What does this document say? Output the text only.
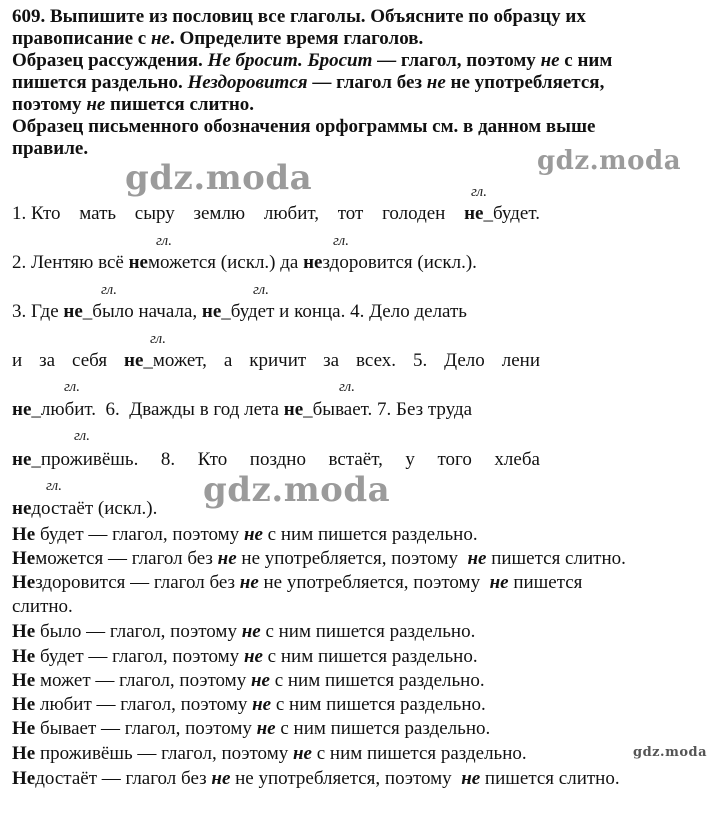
609. Выпишите из пословиц все глаголы. Объясните по образцу их

правописание с не. Определите время глаголов.

Образец рассуждения. Не бросит. Бросит — глагол, поэтому не с ним

пишется раздельно. Нездоровится — глагол без не не употребляется,

поэтому не пишется слитно.

Образец письменного обозначения орфограммы см. в данном выше

правиле.

gdz.moda	gdz.moda
gdz.moda
gdz.moda
гл.
гл.	гл.
гл.	гл.
гл.
гл.	гл.
гл.
гл.
1. Кто мать сыру землю любит, тот голоден не_будет.
2. Лентяю всё неможется (искл.) да нездоровится (искл.).
3. Где не_было начала, не_будет и конца. 4. Дело делать
и за себя не_может, а кричит за всех. 5. Дело лени
не_любит.  6.  Дважды в год лета не_бывает. 7. Без труда
не_проживёшь. 8. Кто поздно встаёт, у того хлеба
недостаёт (искл.).
Не будет — глагол, поэтому не с ним пишется раздельно.
Неможется — глагол без не не употребляется, поэтому  не пишется слитно.
Нездоровится — глагол без не не употребляется, поэтому  не пишется
слитно.
Не было — глагол, поэтому не с ним пишется раздельно.
Не будет — глагол, поэтому не с ним пишется раздельно.
Не может — глагол, поэтому не с ним пишется раздельно.
Не любит — глагол, поэтому не с ним пишется раздельно.
Не бывает — глагол, поэтому не с ним пишется раздельно.
Не проживёшь — глагол, поэтому не с ним пишется раздельно.
Недостаёт — глагол без не не употребляется, поэтому  не пишется слитно.
